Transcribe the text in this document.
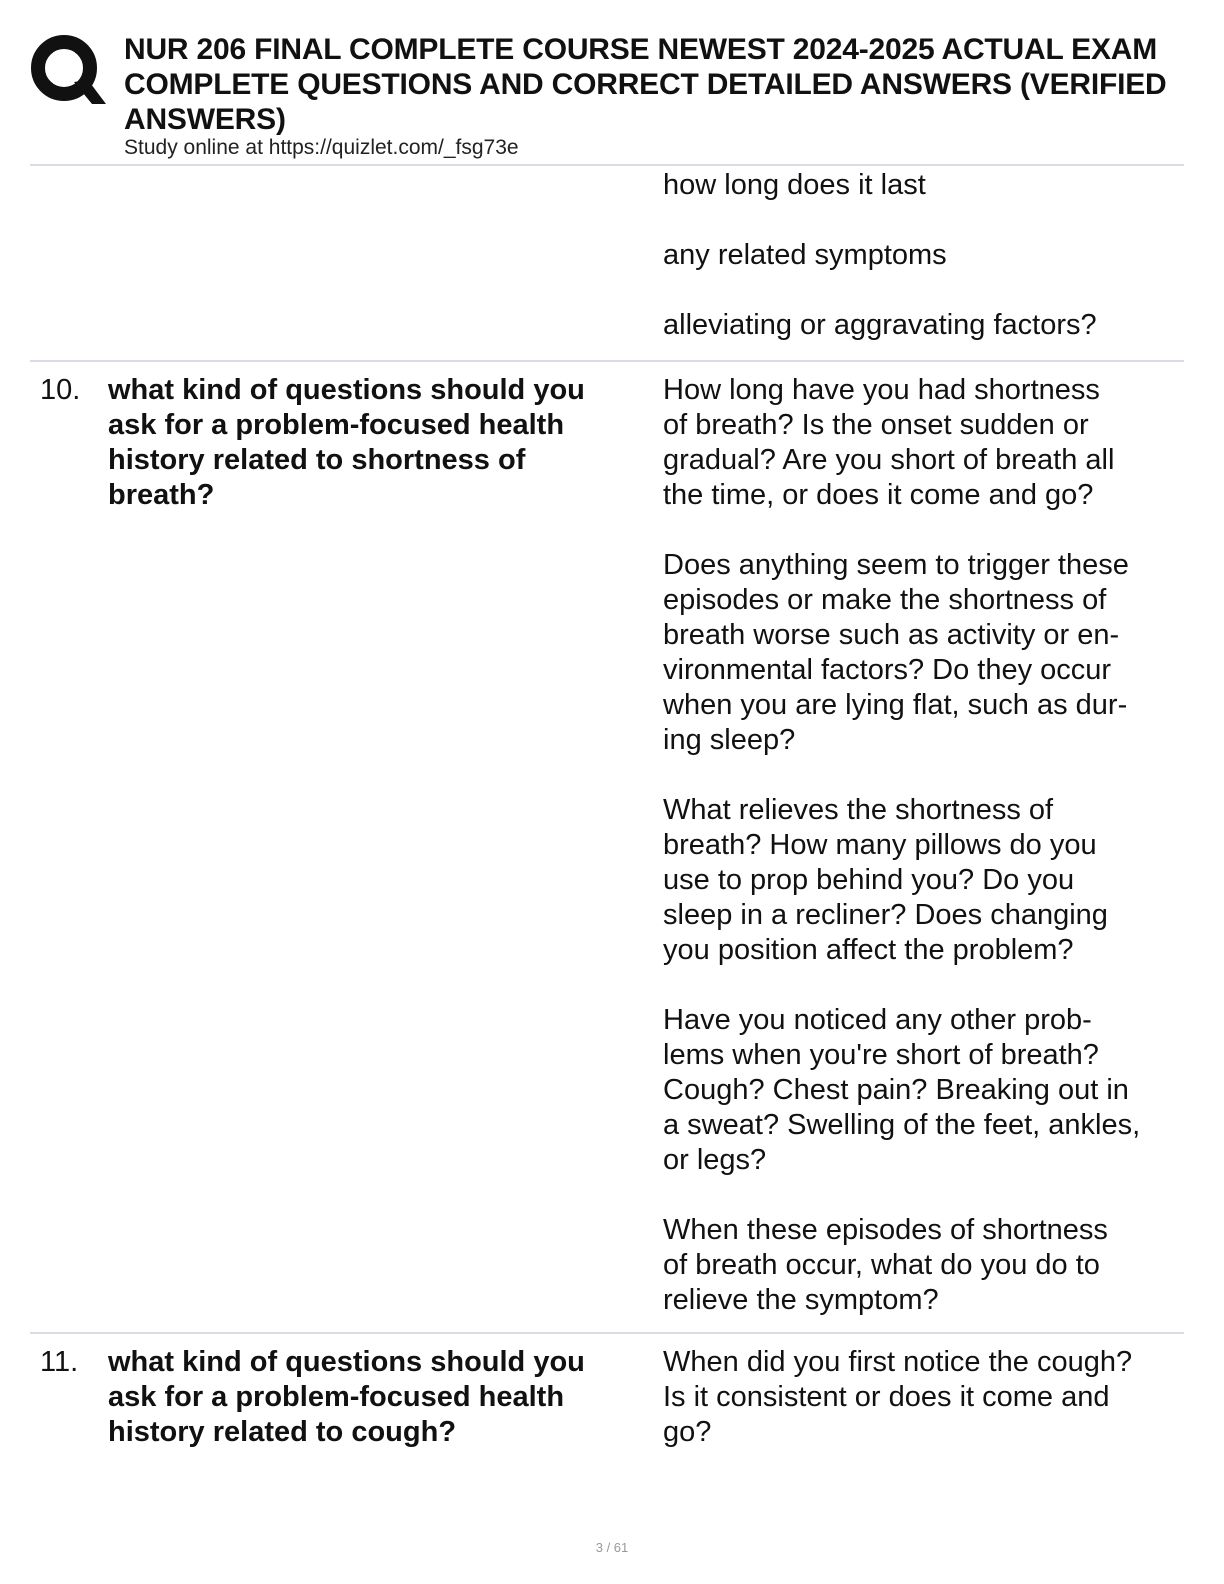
NUR 206 FINAL COMPLETE COURSE NEWEST 2024-2025 ACTUAL EXAM
COMPLETE QUESTIONS AND CORRECT DETAILED ANSWERS (VERIFIED
ANSWERS)
Study online at https://quizlet.com/_fsg73e

how long does it last

any related symptoms

alleviating or aggravating factors?

10. what kind of questions should you
ask for a problem-focused health
history related to shortness of
breath?

How long have you had shortness
of breath? Is the onset sudden or
gradual? Are you short of breath all
the time, or does it come and go?

Does anything seem to trigger these
episodes or make the shortness of
breath worse such as activity or en-
vironmental factors? Do they occur
when you are lying flat, such as dur-
ing sleep?

What relieves the shortness of
breath? How many pillows do you
use to prop behind you? Do you
sleep in a recliner? Does changing
you position affect the problem?

Have you noticed any other prob-
lems when you're short of breath?
Cough? Chest pain? Breaking out in
a sweat? Swelling of the feet, ankles,
or legs?

When these episodes of shortness
of breath occur, what do you do to
relieve the symptom?

11. what kind of questions should you
ask for a problem-focused health
history related to cough?

When did you first notice the cough?
Is it consistent or does it come and
go?

3 / 61
